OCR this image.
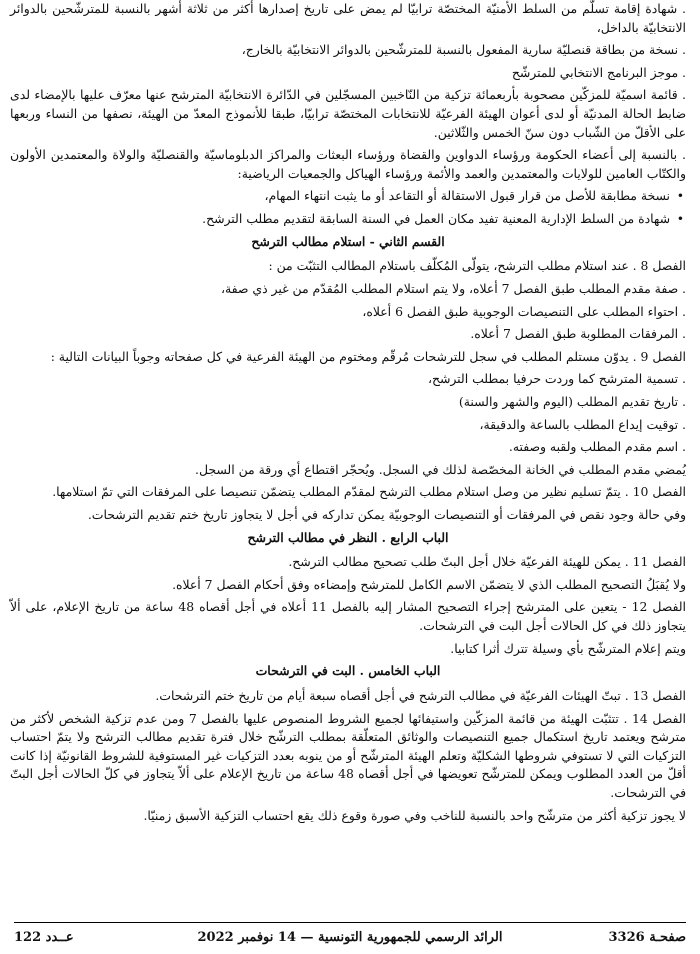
. شهادة إقامة تسلّم من السلط الأمنيّة المختصّة ترابيّا لم يمض على تاريخ إصدارها أكثر من ثلاثة أشهر بالنسبة للمترشّحين بالدوائر الانتخابيّة بالداخل،
. نسخة من بطاقة قنصليّة سارية المفعول بالنسبة للمترشّحين بالدوائر الانتخابيّة بالخارج،
. موجز البرنامج الانتخابي للمترشّح
. قائمة اسميّة للمزكّين مصحوبة بأربعمائة تزكية من النّاخبين المسجّلين في الدّائرة الانتخابيّة المترشح عنها معرّف عليها بالإمضاء لدى ضابط الحالة المدنيّة أو لدى أعوان الهيئة الفرعيّة للانتخابات المختصّة ترابيّا، طبقا للأنموذج المعدّ من الهيئة، نصفها من النساء وربعها على الأقلّ من الشّباب دون سنّ الخمس والثّلاثين.
. بالنسبة إلى أعضاء الحكومة ورؤساء الدواوين والقضاة ورؤساء البعثات والمراكز الدبلوماسيّة والقنصليّة والولاة والمعتمدين الأولون والكتّاب العامين للولايات والمعتمدين والعمد والأئمة ورؤساء الهياكل والجمعيات الرياضية:
• نسخة مطابقة للأصل من قرار قبول الاستقالة أو التقاعد أو ما يثبت انتهاء المهام،
• شهادة من السلط الإدارية المعنية تفيد مكان العمل في السنة السابقة لتقديم مطلب الترشح.
القسم الثاني - استلام مطالب الترشح
الفصل 8 . عند استلام مطلب الترشح، يتولّى المُكلّف باستلام المطالب التثبّت من :
. صفة مقدم المطلب طبق الفصل 7 أعلاه، ولا يتم استلام المطلب المُقدّم من غير ذي صفة،
. احتواء المطلب على التنصيصات الوجوبية طبق الفصل 6 أعلاه،
. المرفقات المطلوبة طبق الفصل 7 أعلاه.
الفصل 9 . يدوّن مستلم المطلب في سجل للترشحات مُرقّم ومختوم من الهيئة الفرعية في كل صفحاته وجوباً البيانات التالية :
. تسمية المترشح كما وردت حرفيا بمطلب الترشح،
. تاريخ تقديم المطلب (اليوم والشهر والسنة)
. توقيت إيداع المطلب بالساعة والدقيقة،
. اسم مقدم المطلب ولقبه وصفته.
يُمضي مقدم المطلب في الخانة المخصّصة لذلك في السجل. ويُحجّر اقتطاع أي ورقة من السجل.
الفصل 10 . يتمّ تسليم نظير من وصل استلام مطلب الترشح لمقدّم المطلب يتضمّن تنصيصا على المرفقات التي تمّ استلامها.
وفي حالة وجود نقص في المرفقات أو التنصيصات الوجوبيّة يمكن تداركه في أجل لا يتجاوز تاريخ ختم تقديم الترشحات.
الباب الرابع . النظر في مطالب الترشح
الفصل 11 . يمكن للهيئة الفرعيّة خلال أجل البتّ طلب تصحيح مطالب الترشح.
ولا يُقبَلُ التصحيح المطلب الذي لا يتضمّن الاسم الكامل للمترشح وإمضاءه وفق أحكام الفصل 7 أعلاه.
الفصل 12 - يتعين على المترشح إجراء التصحيح المشار إليه بالفصل 11 أعلاه في أجل أقصاه 48 ساعة من تاريخ الإعلام، على ألاّ يتجاوز ذلك في كل الحالات أجل البت في الترشحات.
ويتم إعلام المترشّح بأي وسيلة تترك أثرا كتابيا.
الباب الخامس . البت في الترشحات
الفصل 13 . تبتّ الهيئات الفرعيّة في مطالب الترشح في أجل أقصاه سبعة أيام من تاريخ ختم الترشحات.
الفصل 14 . تتثبّت الهيئة من قائمة المزكّين واستيفائها لجميع الشروط المنصوص عليها بالفصل 7 ومن عدم تزكية الشخص لأكثر من مترشح ويعتمد تاريخ استكمال جميع التنصيصات والوثائق المتعلّقة بمطلب الترشّح خلال فترة تقديم مطالب الترشح ولا يتمّ احتساب التزكيات التي لا تستوفي شروطها الشكليّة وتعلم الهيئة المترشّح أو من ينوبه بعدد التزكيات غير المستوفية للشروط القانونيّة إذا كانت أقلّ من العدد المطلوب ويمكن للمترشّح تعويضها في أجل أقصاه 48 ساعة من تاريخ الإعلام على ألاّ يتجاوز في كلّ الحالات أجل البتّ في الترشحات.
لا يجوز تزكية أكثر من مترشّح واحد بالنسبة للناخب وفي صورة وقوع ذلك يقع احتساب التزكية الأسبق زمنيّا.
صفحـة 3326
الرائد الرسمي للجمهورية التونسية — 14 نوفمبر 2022
عــدد 122
